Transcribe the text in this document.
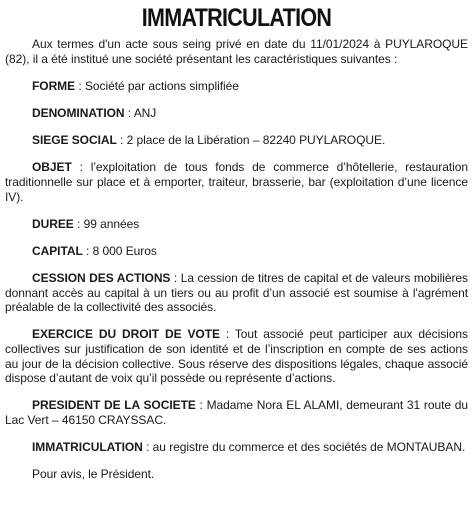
IMMATRICULATION

Aux termes d'un acte sous seing privé en date du 11/01/2024 à PUYLAROQUE (82), il a été institué une société présentant les caractéristiques suivantes :

FORME : Société par actions simplifiée

DENOMINATION : ANJ

SIEGE SOCIAL : 2 place de la Libération – 82240 PUYLAROQUE.

OBJET : l’exploitation de tous fonds de commerce d’hôtellerie, restauration traditionnelle sur place et à emporter, traiteur, brasserie, bar (exploitation d’une licence IV).

DUREE : 99 années

CAPITAL : 8 000 Euros

CESSION DES ACTIONS : La cession de titres de capital et de valeurs mobilières donnant accès au capital à un tiers ou au profit d’un associé est soumise à l'agrément préalable de la collectivité des associés.

EXERCICE DU DROIT DE VOTE : Tout associé peut participer aux décisions collectives sur justification de son identité et de l’inscription en compte de ses actions au jour de la décision collective. Sous réserve des dispositions légales, chaque associé dispose d’autant de voix qu’il possède ou représente d’actions.

PRESIDENT DE LA SOCIETE : Madame Nora EL ALAMI, demeurant 31 route du Lac Vert – 46150 CRAYSSAC.

IMMATRICULATION : au registre du commerce et des sociétés de MONTAUBAN.

Pour avis, le Président.
